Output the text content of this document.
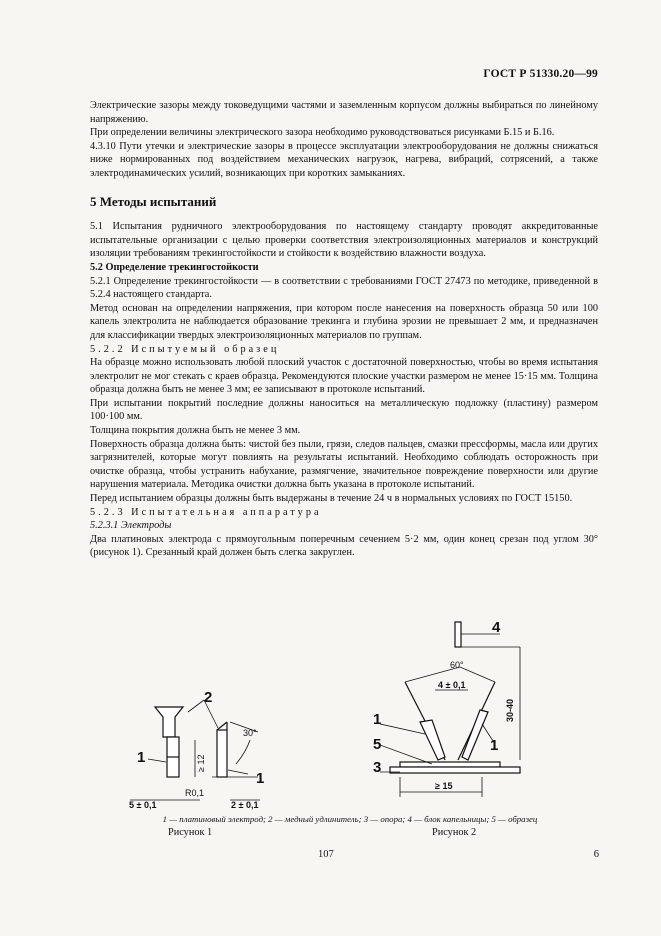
ГОСТ Р 51330.20—99

Электрические зазоры между токоведущими частями и заземленным корпусом должны выбираться по линейному напряжению.

При определении величины электрического зазора необходимо руководствоваться рисунками Б.15 и Б.16.

4.3.10 Пути утечки и электрические зазоры в процессе эксплуатации электрооборудования не должны снижаться ниже нормированных под воздействием механических нагрузок, нагрева, вибраций, сотрясений, а также электродинамических усилий, возникающих при коротких замыканиях.

5 Методы испытаний

5.1 Испытания рудничного электрооборудования по настоящему стандарту проводят аккредитованные испытательные организации с целью проверки соответствия электроизоляционных материалов и конструкций изоляции требованиям трекингостойкости и стойкости к воздействию влажности воздуха.

5.2 Определение трекингостойкости

5.2.1 Определение трекингостойкости — в соответствии с требованиями ГОСТ 27473 по методике, приведенной в 5.2.4 настоящего стандарта.

Метод основан на определении напряжения, при котором после нанесения на поверхность образца 50 или 100 капель электролита не наблюдается образование трекинга и глубина эрозии не превышает 2 мм, и предназначен для классификации твердых электроизоляционных материалов по группам.

5.2.2 Испытуемый образец

На образце можно использовать любой плоский участок с достаточной поверхностью, чтобы во время испытания электролит не мог стекать с краев образца. Рекомендуются плоские участки размером не менее 15·15 мм. Толщина образца должна быть не менее 3 мм; ее записывают в протоколе испытаний.

При испытании покрытий последние должны наноситься на металлическую подложку (пластину) размером 100·100 мм.

Толщина покрытия должна быть не менее 3 мм.

Поверхность образца должна быть: чистой без пыли, грязи, следов пальцев, смазки прессформы, масла или других загрязнителей, которые могут повлиять на результаты испытаний. Необходимо соблюдать осторожность при очистке образца, чтобы устранить набухание, размягчение, значительное повреждение поверхности или другие нарушения материала. Методика очистки должна быть указана в протоколе испытаний.

Перед испытанием образцы должны быть выдержаны в течение 24 ч в нормальных условиях по ГОСТ 15150.

5.2.3 Испытательная аппаратура

5.2.3.1 Электроды

Два платиновых электрода с прямоугольным поперечным сечением 5·2 мм, один конец срезан под углом 30° (рисунок 1). Срезанный край должен быть слегка закруглен.

2
1
1
30°
≥ 12
R0,1
5 ± 0,1	2 ± 0,1
4
60°
4 ± 0,1
30-40
1
1
5
3
≥ 15
1 — платиновый электрод; 2 — медный удлинитель; 3 — опора; 4 — блок капельницы; 5 — образец
Рисунок 1	Рисунок 2
107	6
